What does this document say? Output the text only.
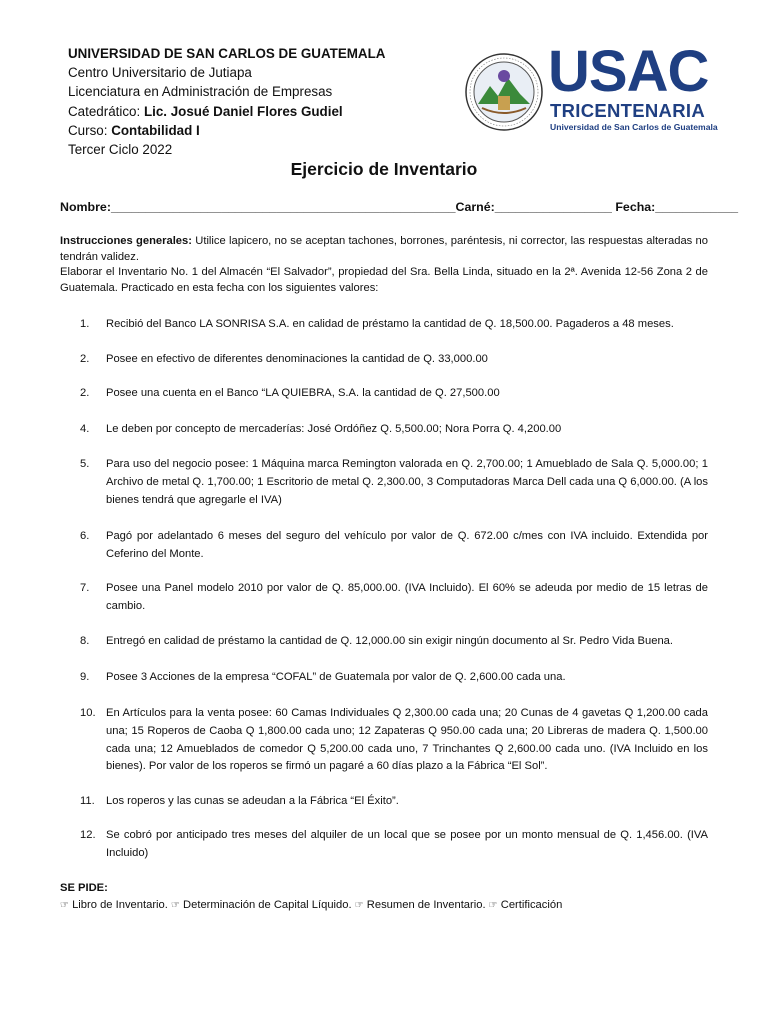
UNIVERSIDAD DE SAN CARLOS DE GUATEMALA
Centro Universitario de Jutiapa
Licenciatura en Administración de Empresas
Catedrático: Lic. Josué Daniel Flores Gudiel
Curso: Contabilidad I
Tercer Ciclo 2022
USAC
TRICENTENARIA
Universidad de San Carlos de Guatemala
Ejercicio de Inventario
Nombre:__________________________________________________Carné:_________________ Fecha:____________

Instrucciones generales: Utilice lapicero, no se aceptan tachones, borrones, paréntesis, ni corrector, las respuestas alteradas no tendrán validez.

Elaborar el Inventario No. 1 del Almacén “El Salvador”, propiedad del Sra. Bella Linda, situado en la 2ª. Avenida 12-56 Zona 2 de Guatemala. Practicado en esta fecha con los siguientes valores:

1.	Recibió del Banco LA SONRISA S.A. en calidad de préstamo la cantidad de Q. 18,500.00. Pagaderos a 48 meses.
2.	Posee en efectivo de diferentes denominaciones la cantidad de Q. 33,000.00
2.	Posee una cuenta en el Banco “LA QUIEBRA, S.A. la cantidad de Q. 27,500.00
4.	Le deben por concepto de mercaderías: José Ordóñez Q. 5,500.00; Nora Porra Q. 4,200.00
5.	Para uso del negocio posee: 1 Máquina marca Remington valorada en Q. 2,700.00; 1 Amueblado de Sala Q. 5,000.00; 1 Archivo de metal Q. 1,700.00; 1 Escritorio de metal Q. 2,300.00, 3 Computadoras Marca Dell cada una Q 6,000.00. (A los bienes tendrá que agregarle el IVA)
6.	Pagó por adelantado 6 meses del seguro del vehículo por valor de Q. 672.00 c/mes con IVA incluido. Extendida por Ceferino del Monte.
7.	Posee una Panel modelo 2010 por valor de Q. 85,000.00. (IVA Incluido). El 60% se adeuda por medio de 15 letras de cambio.
8.	Entregó en calidad de préstamo la cantidad de Q. 12,000.00 sin exigir ningún documento al Sr. Pedro Vida Buena.
9.	Posee 3 Acciones de la empresa “COFAL” de Guatemala por valor de Q. 2,600.00 cada una.
10. En Artículos para la venta posee: 60 Camas Individuales Q 2,300.00 cada una; 20 Cunas de 4 gavetas Q 1,200.00 cada una; 15 Roperos de Caoba Q 1,800.00 cada uno; 12 Zapateras Q 950.00 cada una; 20 Libreras de madera Q. 1,500.00 cada una; 12 Amueblados de comedor Q 5,200.00 cada uno, 7 Trinchantes Q 2,600.00 cada uno. (IVA Incluido en los bienes). Por valor de los roperos se firmó un pagaré a 60 días plazo a la Fábrica “El Sol”.
11.	Los roperos y las cunas se adeudan a la Fábrica “El Éxito”.
12. Se cobró por anticipado tres meses del alquiler de un local que se posee por un monto mensual de Q. 1,456.00. (IVA Incluido)
SE PIDE:
☞ Libro de Inventario. ☞ Determinación de Capital Líquido. ☞ Resumen de Inventario. ☞ Certificación
